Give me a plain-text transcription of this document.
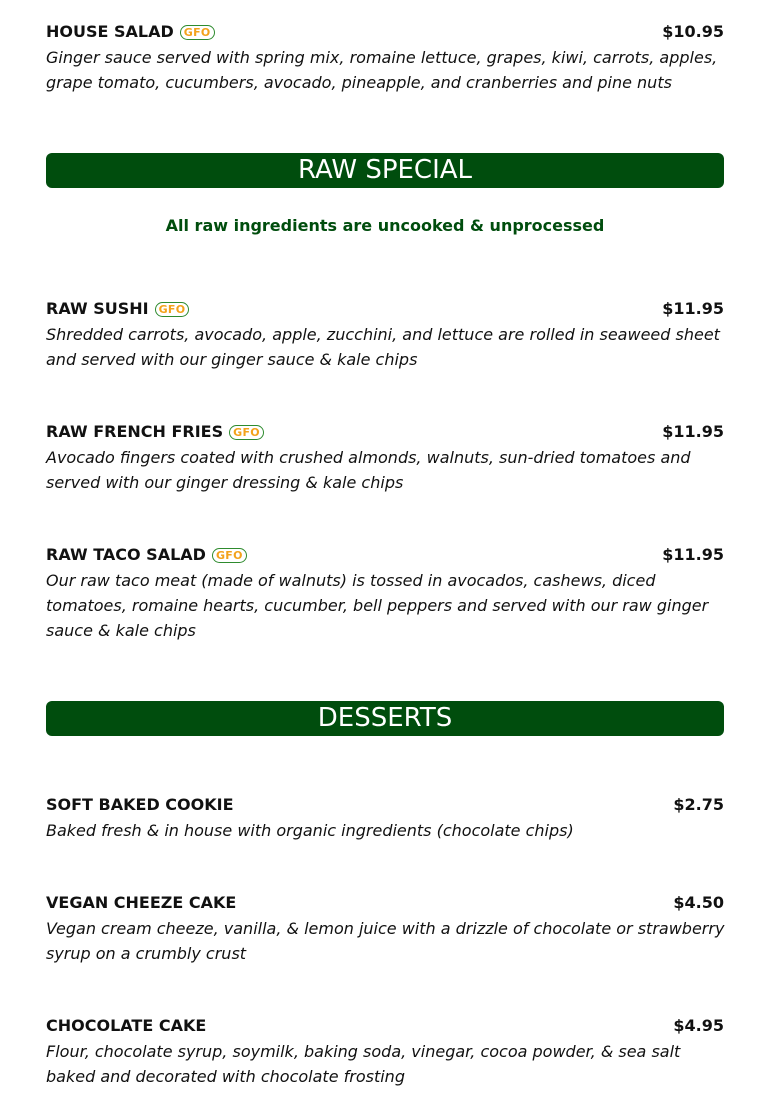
HOUSE SALAD GFO	$10.95
Ginger sauce served with spring mix, romaine lettuce, grapes, kiwi, carrots, apples, grape tomato, cucumbers, avocado, pineapple, and cranberries and pine nuts
RAW SPECIAL
All raw ingredients are uncooked & unprocessed
RAW SUSHI GFO	$11.95
Shredded carrots, avocado, apple, zucchini, and lettuce are rolled in seaweed sheet and served with our ginger sauce & kale chips
RAW FRENCH FRIES GFO	$11.95
Avocado fingers coated with crushed almonds, walnuts, sun-dried tomatoes and served with our ginger dressing & kale chips
RAW TACO SALAD GFO	$11.95
Our raw taco meat (made of walnuts) is tossed in avocados, cashews, diced tomatoes, romaine hearts, cucumber, bell peppers and served with our raw ginger sauce & kale chips
DESSERTS
SOFT BAKED COOKIE	$2.75
Baked fresh & in house with organic ingredients (chocolate chips)
VEGAN CHEEZE CAKE	$4.50
Vegan cream cheeze, vanilla, & lemon juice with a drizzle of chocolate or strawberry syrup on a crumbly crust
CHOCOLATE CAKE	$4.95
Flour, chocolate syrup, soymilk, baking soda, vinegar, cocoa powder, & sea salt baked and decorated with chocolate frosting
